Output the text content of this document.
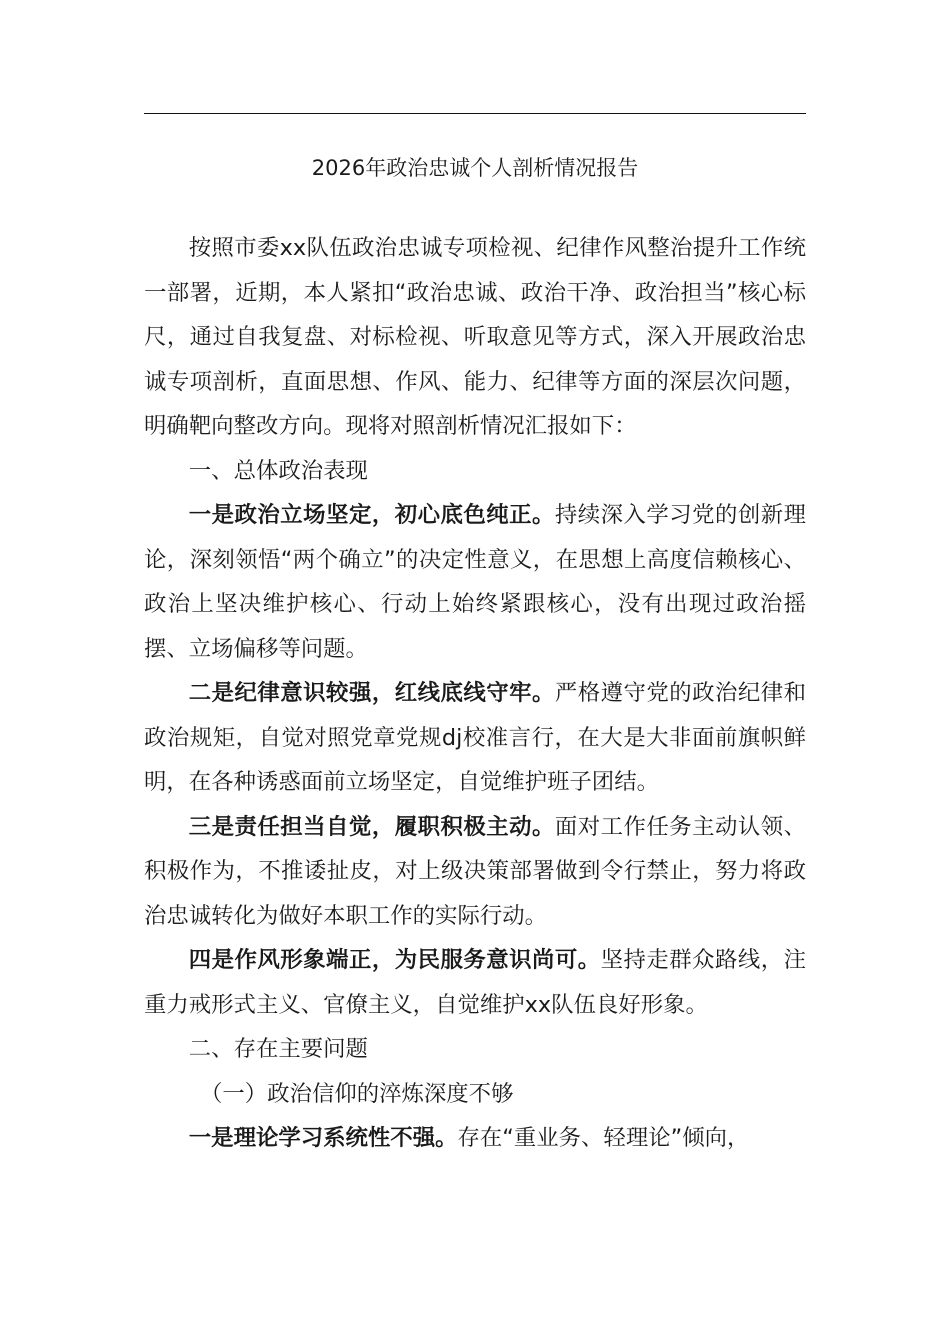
2026年政治忠诚个人剖析情况报告

按照市委xx队伍政治忠诚专项检视、纪律作风整治提升工作统一部署，近期，本人紧扣“政治忠诚、政治干净、政治担当”核心标尺，通过自我复盘、对标检视、听取意见等方式，深入开展政治忠诚专项剖析，直面思想、作风、能力、纪律等方面的深层次问题，明确靶向整改方向。现将对照剖析情况汇报如下：

一、总体政治表现

一是政治立场坚定，初心底色纯正。持续深入学习党的创新理论，深刻领悟“两个确立”的决定性意义，在思想上高度信赖核心、政治上坚决维护核心、行动上始终紧跟核心，没有出现过政治摇摆、立场偏移等问题。

二是纪律意识较强，红线底线守牢。严格遵守党的政治纪律和政治规矩，自觉对照党章党规dj校准言行，在大是大非面前旗帜鲜明，在各种诱惑面前立场坚定，自觉维护班子团结。

三是责任担当自觉，履职积极主动。面对工作任务主动认领、积极作为，不推诿扯皮，对上级决策部署做到令行禁止，努力将政治忠诚转化为做好本职工作的实际行动。

四是作风形象端正，为民服务意识尚可。坚持走群众路线，注重力戒形式主义、官僚主义，自觉维护xx队伍良好形象。

二、存在主要问题

（一）政治信仰的淬炼深度不够

一是理论学习系统性不强。存在“重业务、轻理论”倾向，
